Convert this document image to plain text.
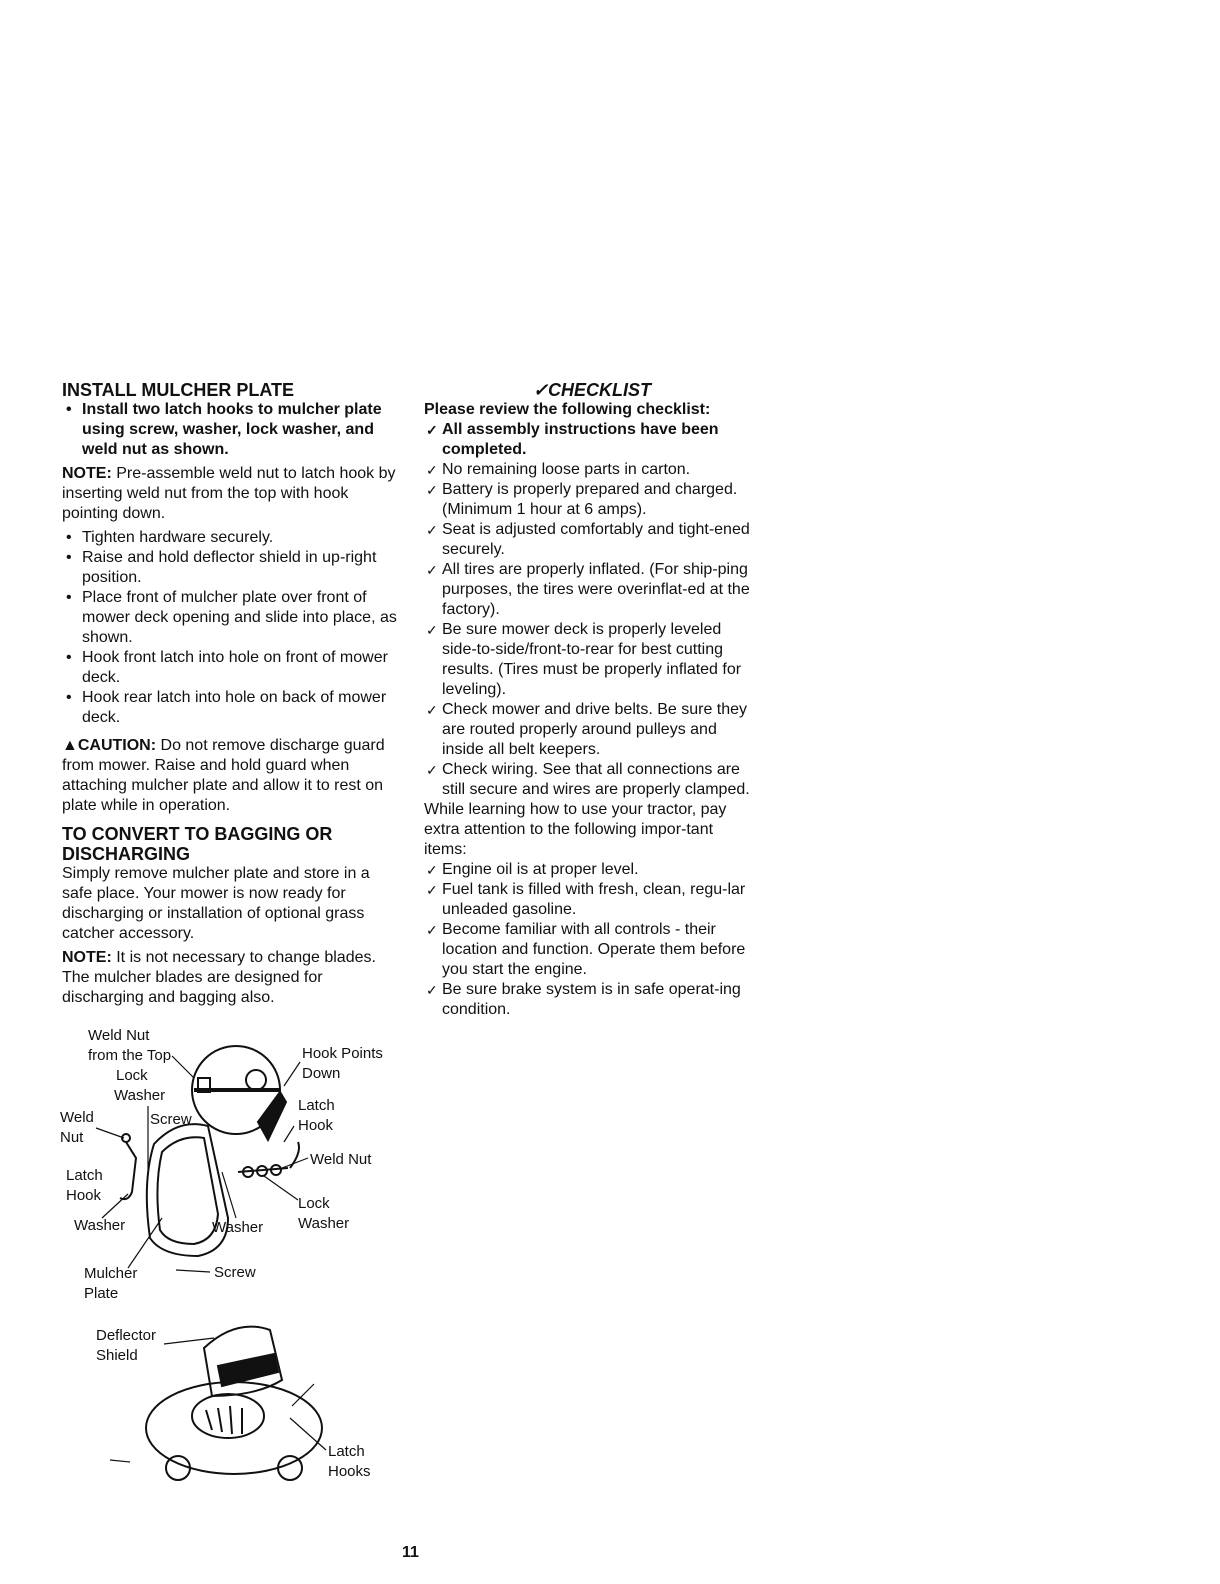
INSTALL MULCHER PLATE
• Install two latch hooks to mulcher plate using screw, washer, lock washer, and weld nut as shown.

NOTE: Pre-assemble weld nut to latch hook by inserting weld nut from the top with hook pointing down.

• Tighten hardware securely.
• Raise and hold deflector shield in up-right position.
• Place front of mulcher plate over front of mower deck opening and slide into place, as shown.
• Hook front latch into hole on front of mower deck.
• Hook rear latch into hole on back of mower deck.

▲CAUTION: Do not remove discharge guard from mower. Raise and hold guard when attaching mulcher plate and allow it to rest on plate while in operation.

TO CONVERT TO BAGGING OR DISCHARGING

Simply remove mulcher plate and store in a safe place. Your mower is now ready for discharging or installation of optional grass catcher accessory.

NOTE: It is not necessary to change blades. The mulcher blades are designed for discharging and bagging also.

Weld Nut
from the Top
Lock
Washer
Weld
Nut
Screw
Latch
Hook
Washer	Washer
Hook Points
Down
Latch
Hook
Weld Nut
Lock
Washer
Mulcher
Plate
Screw
Deflector
Shield
Latch
Hooks
✓CHECKLIST

Please review the following checklist:

✓ All assembly instructions have been completed.
✓ No remaining loose parts in carton.
✓ Battery is properly prepared and charged. (Minimum 1 hour at 6 amps).
✓ Seat is adjusted comfortably and tight-ened securely.
✓ All tires are properly inflated. (For ship-ping purposes, the tires were overinflat-ed at the factory).
✓ Be sure mower deck is properly leveled side-to-side/front-to-rear for best cutting results. (Tires must be properly inflated for leveling).
✓ Check mower and drive belts. Be sure they are routed properly around pulleys and inside all belt keepers.
✓ Check wiring. See that all connections are still secure and wires are properly clamped.

While learning how to use your tractor, pay extra attention to the following impor-tant items:

✓ Engine oil is at proper level.
✓ Fuel tank is filled with fresh, clean, regu-lar unleaded gasoline.
✓ Become familiar with all controls - their location and function. Operate them before you start the engine.
✓ Be sure brake system is in safe operat-ing condition.
11
